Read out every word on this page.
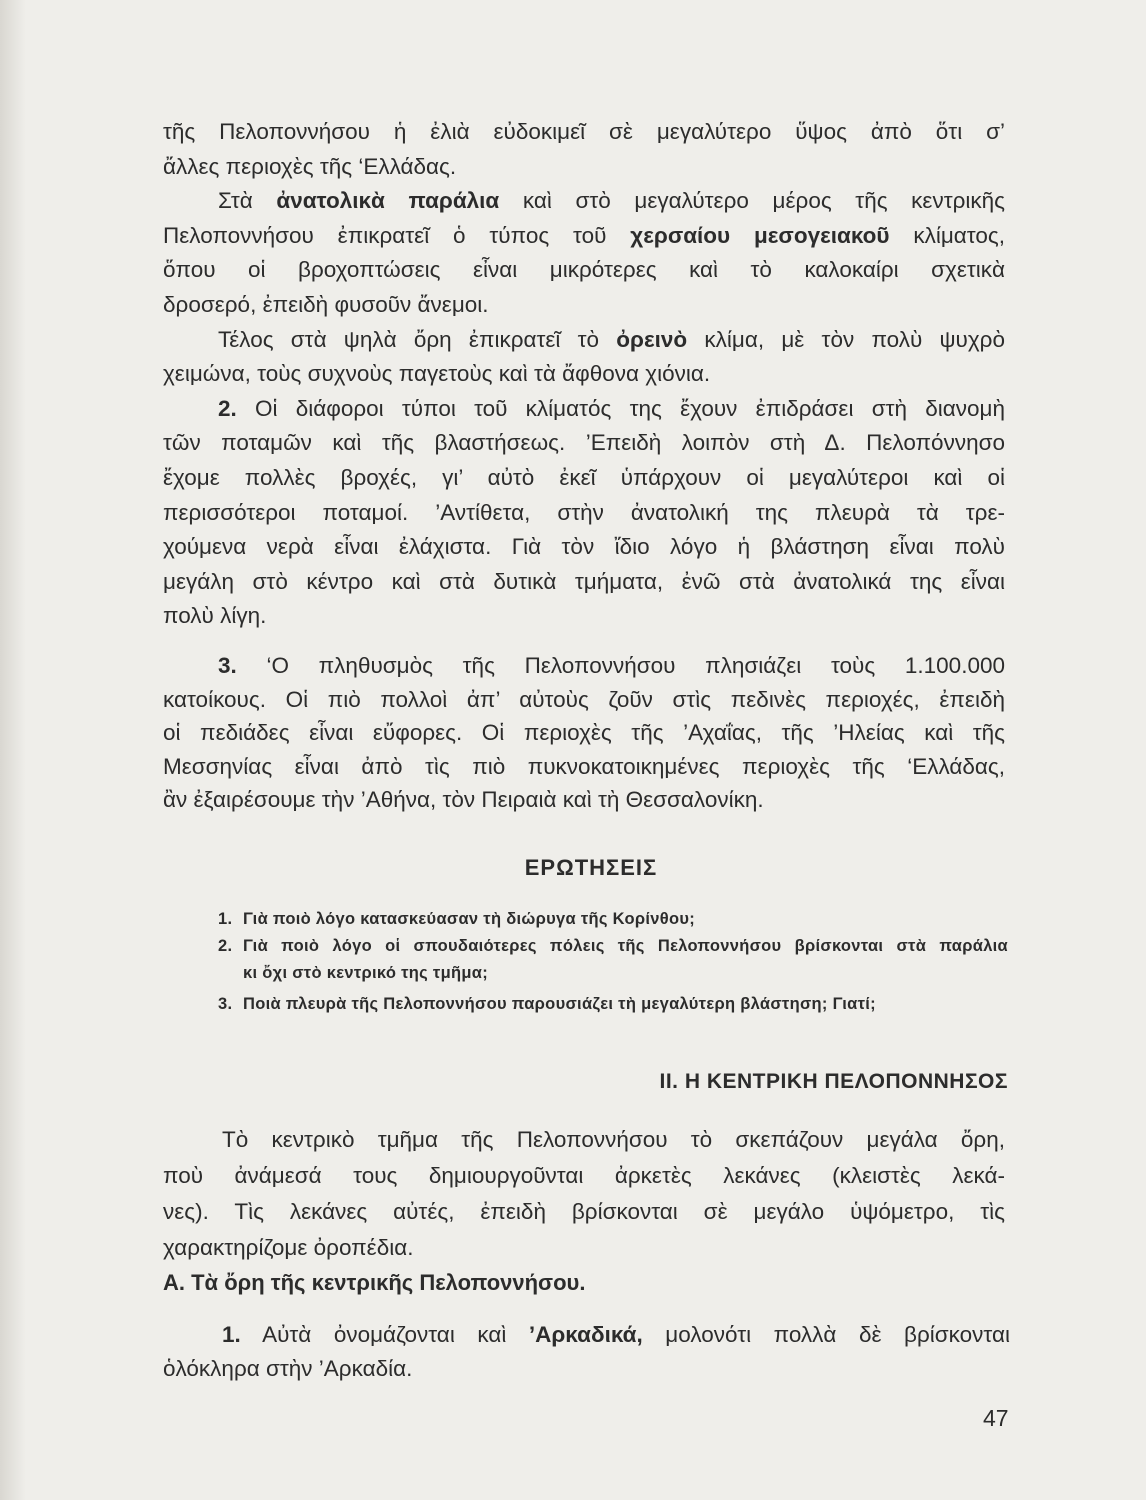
τῆς Πελοποννήσου ἡ ἐλιὰ εὐδοκιμεῖ σὲ μεγαλύτερο ὕψος ἀπὸ ὅτι σ’
ἄλλες περιοχὲς τῆς ‘Ελλάδας.
Στὰ ἀνατολικὰ παράλια καὶ στὸ μεγαλύτερο μέρος τῆς κεντρικῆς
Πελοποννήσου ἐπικρατεῖ ὁ τύπος τοῦ χερσαίου μεσογειακοῦ κλίματος,
ὅπου οἱ βροχοπτώσεις εἶναι μικρότερες καὶ τὸ καλοκαίρι σχετικὰ
δροσερό, ἐπειδὴ φυσοῦν ἄνεμοι.
Τέλος στὰ ψηλὰ ὄρη ἐπικρατεῖ τὸ ὀρεινὸ κλίμα, μὲ τὸν πολὺ ψυχρὸ
χειμώνα, τοὺς συχνοὺς παγετοὺς καὶ τὰ ἄφθονα χιόνια.
2. Οἱ διάφοροι τύποι τοῦ κλίματός της ἔχουν ἐπιδράσει στὴ διανομὴ
τῶν ποταμῶν καὶ τῆς βλαστήσεως. ’Επειδὴ λοιπὸν στὴ Δ. Πελοπόννησο
ἔχομε πολλὲς βροχές, γι’ αὐτὸ ἐκεῖ ὑπάρχουν οἱ μεγαλύτεροι καὶ οἱ
περισσότεροι ποταμοί. ’Αντίθετα, στὴν ἀνατολική της πλευρὰ τὰ τρε-
χούμενα νερὰ εἶναι ἐλάχιστα. Γιὰ τὸν ἴδιο λόγο ἡ βλάστηση εἶναι πολὺ
μεγάλη στὸ κέντρο καὶ στὰ δυτικὰ τμήματα, ἐνῶ στὰ ἀνατολικά της εἶναι
πολὺ λίγη.
3. ‘Ο πληθυσμὸς τῆς Πελοποννήσου πλησιάζει τοὺς 1.100.000
κατοίκους. Οἱ πιὸ πολλοὶ ἀπ’ αὐτοὺς ζοῦν στὶς πεδινὲς περιοχές, ἐπειδὴ
οἱ πεδιάδες εἶναι εὔφορες. Οἱ περιοχὲς τῆς ’Αχαΐας, τῆς ’Ηλείας καὶ τῆς
Μεσσηνίας εἶναι ἀπὸ τὶς πιὸ πυκνοκατοικημένες περιοχὲς τῆς ‘Ελλάδας,
ἂν ἐξαιρέσουμε τὴν ’Αθήνα, τὸν Πειραιὰ καὶ τὴ Θεσσαλονίκη.
ΕΡΩΤΗΣΕΙΣ
1. Γιὰ ποιὸ λόγο κατασκεύασαν τὴ διώρυγα τῆς Κορίνθου;
2. Γιὰ ποιὸ λόγο οἱ σπουδαιότερες πόλεις τῆς Πελοποννήσου βρίσκονται στὰ παράλια
κι ὄχι στὸ κεντρικό της τμῆμα;
3. Ποιὰ πλευρὰ τῆς Πελοποννήσου παρουσιάζει τὴ μεγαλύτερη βλάστηση; Γιατί;
II. Η ΚΕΝΤΡΙΚΗ ΠΕΛΟΠΟΝΝΗΣΟΣ
Τὸ κεντρικὸ τμῆμα τῆς Πελοποννήσου τὸ σκεπάζουν μεγάλα ὄρη,
ποὺ ἀνάμεσά τους δημιουργοῦνται ἀρκετὲς λεκάνες (κλειστὲς λεκά-
νες). Τὶς λεκάνες αὐτές, ἐπειδὴ βρίσκονται σὲ μεγάλο ὑψόμετρο, τὶς
χαρακτηρίζομε ὀροπέδια.
Α. Τὰ ὄρη τῆς κεντρικῆς Πελοποννήσου.
1. Αὐτὰ ὀνομάζονται καὶ ’Αρκαδικά, μολονότι πολλὰ δὲ βρίσκονται
ὁλόκληρα στὴν ’Αρκαδία.
47
